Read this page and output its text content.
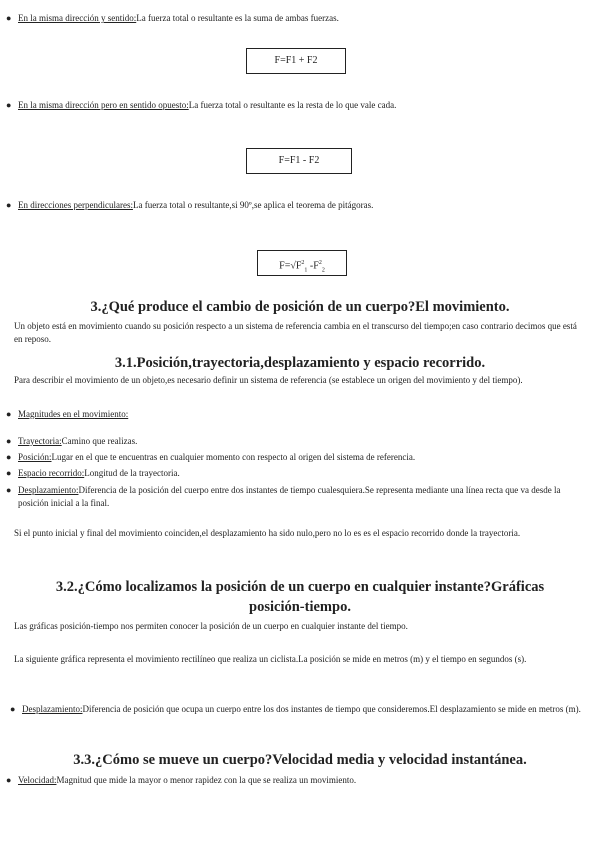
● En la misma dirección y sentido:La fuerza total o resultante es la suma de ambas fuerzas.
F=F1 + F2
● En la misma dirección pero en sentido opuesto:La fuerza total o resultante es la resta de lo que vale cada.
F=F1 - F2
● En direcciones perpendiculares:La fuerza total o resultante,si 90º,se aplica el teorema de pitágoras.
$F=√F^2_1$ $-F^2_2$
3.¿Qué produce el cambio de posición de un cuerpo?El movimiento.

Un objeto está en movimiento cuando su posición respecto a un sistema de referencia cambia en el transcurso del tiempo;en caso contrario decimos que está en reposo.

3.1.Posición,trayectoria,desplazamiento y espacio recorrido.

Para describir el movimiento de un objeto,es necesario definir un sistema de referencia (se establece un origen del movimiento y del tiempo).

● Magnitudes en el movimiento:
● Trayectoria:Camino que realizas.
● Posición:Lugar en el que te encuentras en cualquier momento con respecto al origen del sistema de referencia.
● Espacio recorrido:Longitud de la trayectoria.
● Desplazamiento:Diferencia de la posición del cuerpo entre dos instantes de tiempo cualesquiera.Se representa mediante una línea recta que va desde la posición inicial a la final.

Si el punto inicial y final del movimiento coinciden,el desplazamiento ha sido nulo,pero no lo es es el espacio recorrido donde la trayectoria.

3.2.¿Cómo localizamos la posición de un cuerpo en cualquier instante?Gráficas posición-tiempo.

Las gráficas posición-tiempo nos permiten conocer la posición de un cuerpo en cualquier instante del tiempo.

La siguiente gráfica representa el movimiento rectilíneo que realiza un ciclista.La posición se mide en metros (m) y el tiempo en segundos (s).

● Desplazamiento:Diferencia de posición que ocupa un cuerpo entre los dos instantes de tiempo que consideremos.El desplazamiento se mide en metros (m).
3.3.¿Cómo se mueve un cuerpo?Velocidad media y velocidad instantánea.
● Velocidad:Magnitud que mide la mayor o menor rapidez con la que se realiza un movimiento.
